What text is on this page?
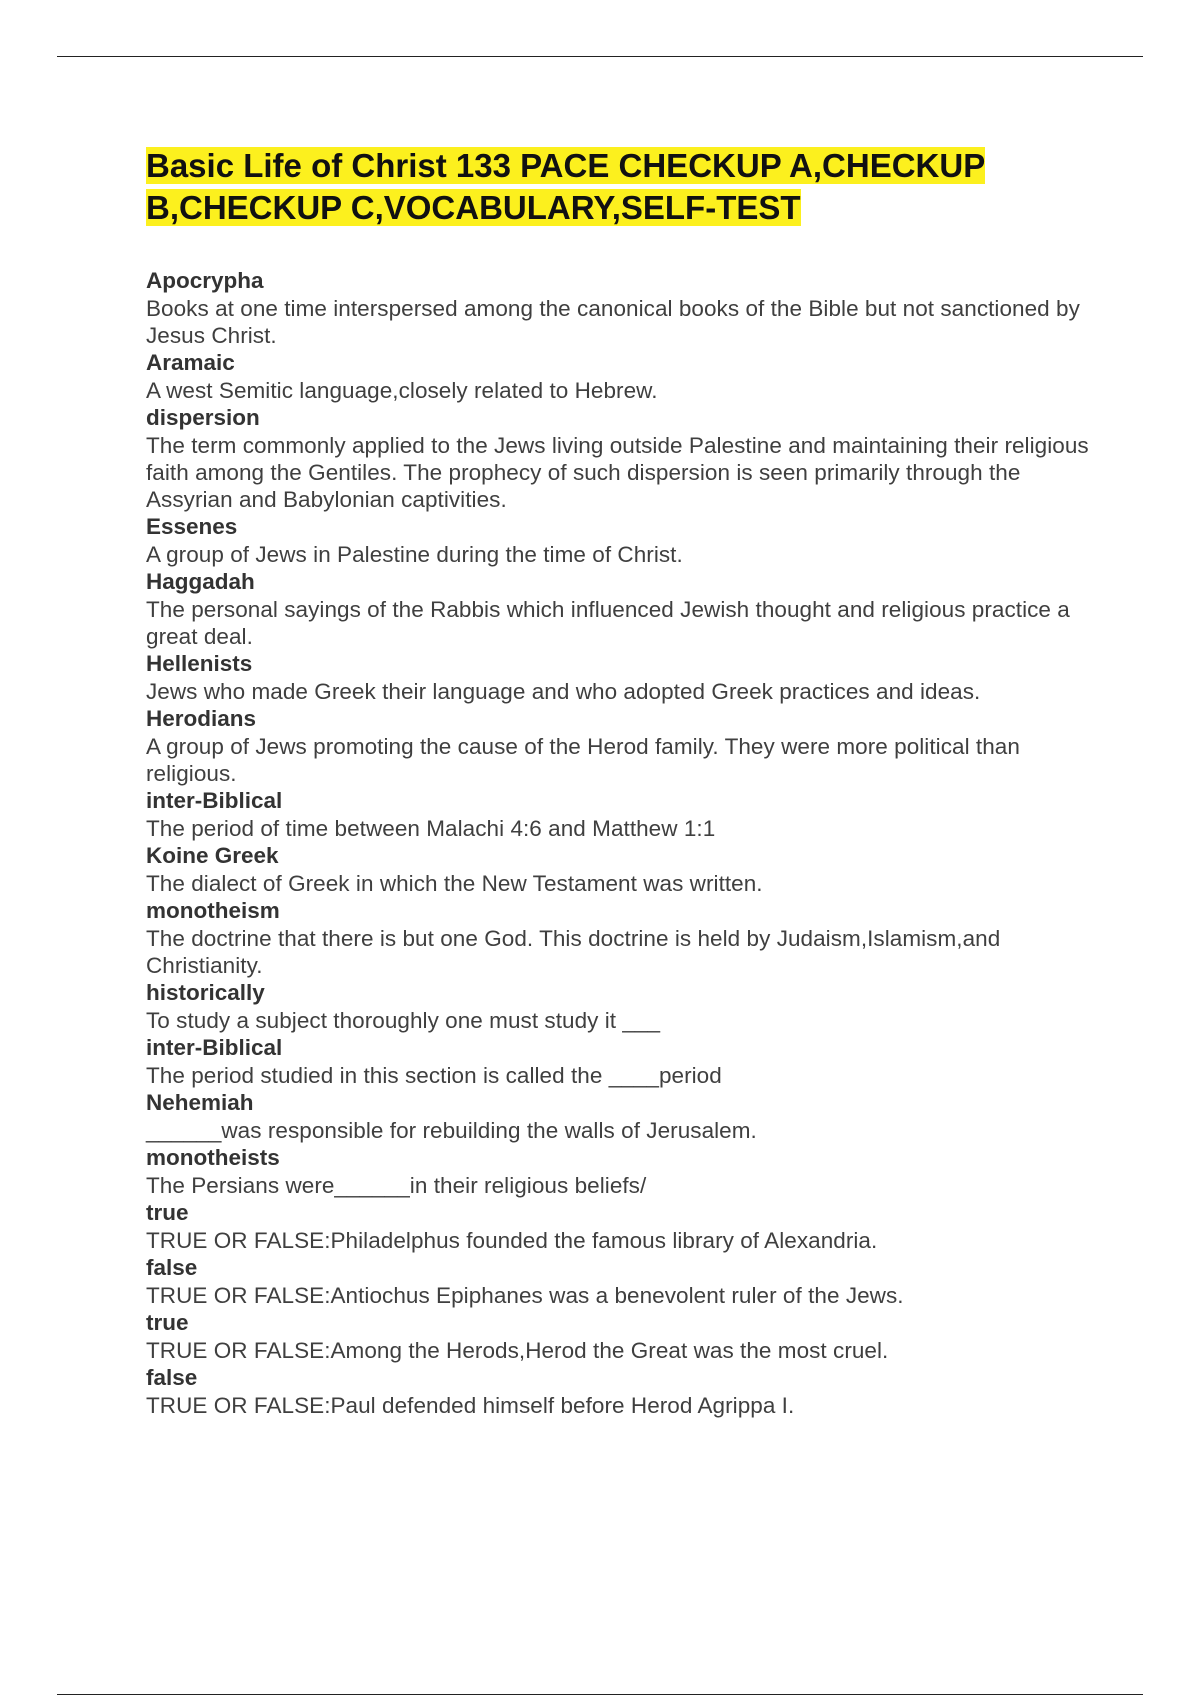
Basic Life of Christ 133 PACE CHECKUP A,CHECKUP
B,CHECKUP C,VOCABULARY,SELF-TEST

Apocrypha

Books at one time interspersed among the canonical books of the Bible but not sanctioned by Jesus Christ.

Aramaic

A west Semitic language,closely related to Hebrew.

dispersion

The term commonly applied to the Jews living outside Palestine and maintaining their religious faith among the Gentiles. The prophecy of such dispersion is seen primarily through the Assyrian and Babylonian captivities.

Essenes

A group of Jews in Palestine during the time of Christ.

Haggadah

The personal sayings of the Rabbis which influenced Jewish thought and religious practice a great deal.

Hellenists

Jews who made Greek their language and who adopted Greek practices and ideas.

Herodians

A group of Jews promoting the cause of the Herod family. They were more political than religious.

inter-Biblical

The period of time between Malachi 4:6 and Matthew 1:1

Koine Greek

The dialect of Greek in which the New Testament was written.

monotheism

The doctrine that there is but one God. This doctrine is held by Judaism,Islamism,and Christianity.

historically

To study a subject thoroughly one must study it ___

inter-Biblical

The period studied in this section is called the ____period

Nehemiah

______was responsible for rebuilding the walls of Jerusalem.

monotheists

The Persians were______in their religious beliefs/

true

TRUE OR FALSE:Philadelphus founded the famous library of Alexandria.

false

TRUE OR FALSE:Antiochus Epiphanes was a benevolent ruler of the Jews.

true

TRUE OR FALSE:Among the Herods,Herod the Great was the most cruel.

false

TRUE OR FALSE:Paul defended himself before Herod Agrippa I.
